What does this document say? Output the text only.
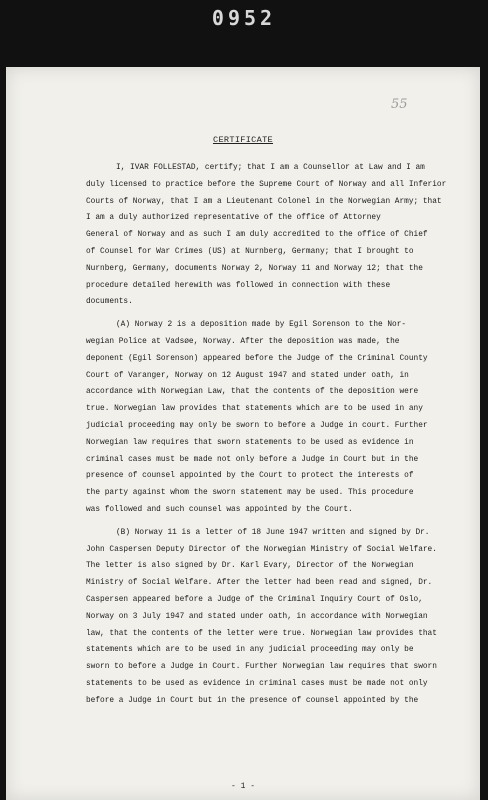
0952
55
CERTIFICATE

I, IVAR FOLLESTAD, certify; that I am a Counsellor at Law and I am
duly licensed to practice before the Supreme Court of Norway and all Inferior
Courts of Norway, that I am a Lieutenant Colonel in the Norwegian Army; that
I am a duly authorized representative of the office of Attorney
General of Norway and as such I am duly accredited to the office of Chief
of Counsel for War Crimes (US) at Nurnberg, Germany; that I brought to
Nurnberg, Germany, documents Norway 2, Norway 11 and Norway 12; that the
procedure detailed herewith was followed in connection with these
documents.

(A) Norway 2 is a deposition made by Egil Sorenson to the Nor-
wegian Police at Vadsøe, Norway. After the deposition was made, the
deponent (Egil Sorenson) appeared before the Judge of the Criminal County
Court of Varanger, Norway on 12 August 1947 and stated under oath, in
accordance with Norwegian Law, that the contents of the deposition were
true. Norwegian law provides that statements which are to be used in any
judicial proceeding may only be sworn to before a Judge in court. Further
Norwegian law requires that sworn statements to be used as evidence in
criminal cases must be made not only before a Judge in Court but in the
presence of counsel appointed by the Court to protect the interests of
the party against whom the sworn statement may be used. This procedure
was followed and such counsel was appointed by the Court.

(B) Norway 11 is a letter of 18 June 1947 written and signed by Dr.
John Caspersen Deputy Director of the Norwegian Ministry of Social Welfare.
The letter is also signed by Dr. Karl Evary, Director of the Norwegian
Ministry of Social Welfare. After the letter had been read and signed, Dr.
Caspersen appeared before a Judge of the Criminal Inquiry Court of Oslo,
Norway on 3 July 1947 and stated under oath, in accordance with Norwegian
law, that the contents of the letter were true. Norwegian law provides that
statements which are to be used in any judicial proceeding may only be
sworn to before a Judge in Court. Further Norwegian law requires that sworn
statements to be used as evidence in criminal cases must be made not only
before a Judge in Court but in the presence of counsel appointed by the

- 1 -
